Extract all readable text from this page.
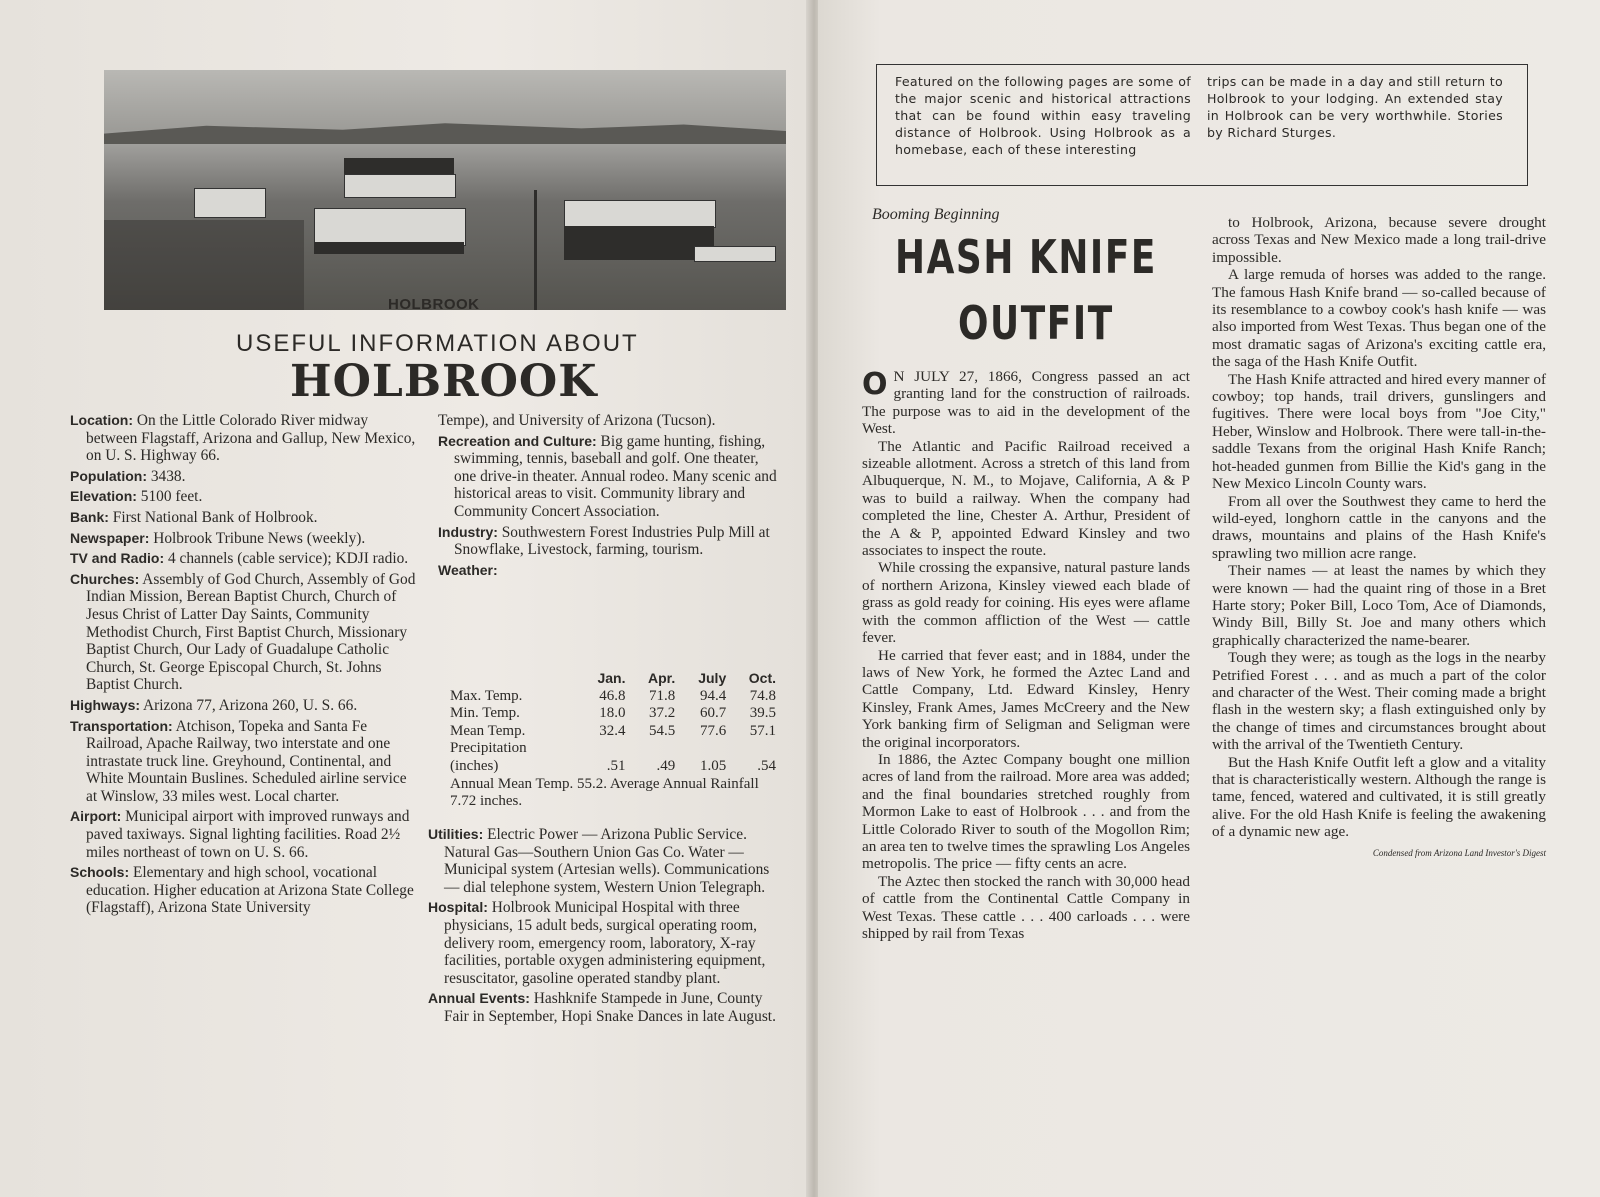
HOLBROOK
USEFUL INFORMATION ABOUT
HOLBROOK

Location: On the Little Colorado River midway between Flagstaff, Arizona and Gallup, New Mexico, on U. S. Highway 66.

Population: 3438.

Elevation: 5100 feet.

Bank: First National Bank of Holbrook.

Newspaper: Holbrook Tribune News (weekly).

TV and Radio: 4 channels (cable service); KDJI radio.

Churches: Assembly of God Church, Assembly of God Indian Mission, Berean Baptist Church, Church of Jesus Christ of Latter Day Saints, Community Methodist Church, First Baptist Church, Missionary Baptist Church, Our Lady of Guadalupe Catholic Church, St. George Episcopal Church, St. Johns Baptist Church.

Highways: Arizona 77, Arizona 260, U. S. 66.

Transportation: Atchison, Topeka and Santa Fe Railroad, Apache Railway, two interstate and one intrastate truck line. Greyhound, Continental, and White Mountain Buslines. Scheduled airline service at Winslow, 33 miles west. Local charter.

Airport: Municipal airport with improved runways and paved taxiways. Signal lighting facilities. Road 2½ miles northeast of town on U. S. 66.

Schools: Elementary and high school, vocational education. Higher education at Arizona State College (Flagstaff), Arizona State University

Tempe), and University of Arizona (Tucson).

Recreation and Culture: Big game hunting, fishing, swimming, tennis, baseball and golf. One theater, one drive-in theater. Annual rodeo. Many scenic and historical areas to visit. Community library and Community Concert Association.

Industry: Southwestern Forest Industries Pulp Mill at Snowflake, Livestock, farming, tourism.

Weather:

	Jan.	Apr.	July	Oct.
Max. Temp.	46.8	71.8	94.4	74.8
Min. Temp.	18.0	37.2	60.7	39.5
Mean Temp.	32.4	54.5	77.6	57.1
Precipitation				
(inches)	.51	.49	1.05	.54
Annual Mean Temp. 55.2. Average Annual Rainfall 7.72 inches.

Utilities: Electric Power — Arizona Public Service. Natural Gas—Southern Union Gas Co. Water — Municipal system (Artesian wells). Communications — dial telephone system, Western Union Telegraph.

Hospital: Holbrook Municipal Hospital with three physicians, 15 adult beds, surgical operating room, delivery room, emergency room, laboratory, X-ray facilities, portable oxygen administering equipment, resuscitator, gasoline operated standby plant.

Annual Events: Hashknife Stampede in June, County Fair in September, Hopi Snake Dances in late August.

Featured on the following pages are some of the major scenic and historical attractions that can be found within easy traveling distance of Holbrook. Using Holbrook as a homebase, each of these interesting
trips can be made in a day and still return to Holbrook to your lodging. An extended stay in Holbrook can be very worthwhile. Stories by Richard Sturges.
Booming Beginning
HASH KNIFE
OUTFIT

O N JULY 27, 1866, Congress passed an act granting land for the construction of railroads. The purpose was to aid in the development of the West.

The Atlantic and Pacific Railroad received a sizeable allotment. Across a stretch of this land from Albuquerque, N. M., to Mojave, California, A & P was to build a railway. When the company had completed the line, Chester A. Arthur, President of the A & P, appointed Edward Kinsley and two associates to inspect the route.

While crossing the expansive, natural pasture lands of northern Arizona, Kinsley viewed each blade of grass as gold ready for coining. His eyes were aflame with the common affliction of the West — cattle fever.

He carried that fever east; and in 1884, under the laws of New York, he formed the Aztec Land and Cattle Company, Ltd. Edward Kinsley, Henry Kinsley, Frank Ames, James McCreery and the New York banking firm of Seligman and Seligman were the original incorporators.

In 1886, the Aztec Company bought one million acres of land from the railroad. More area was added; and the final boundaries stretched roughly from Mormon Lake to east of Holbrook . . . and from the Little Colorado River to south of the Mogollon Rim; an area ten to twelve times the sprawling Los Angeles metropolis. The price — fifty cents an acre.

The Aztec then stocked the ranch with 30,000 head of cattle from the Continental Cattle Company in West Texas. These cattle . . . 400 carloads . . . were shipped by rail from Texas

to Holbrook, Arizona, because severe drought across Texas and New Mexico made a long trail-drive impossible.

A large remuda of horses was added to the range. The famous Hash Knife brand — so-called because of its resemblance to a cowboy cook's hash knife — was also imported from West Texas. Thus began one of the most dramatic sagas of Arizona's exciting cattle era, the saga of the Hash Knife Outfit.

The Hash Knife attracted and hired every manner of cowboy; top hands, trail drivers, gunslingers and fugitives. There were local boys from "Joe City," Heber, Winslow and Holbrook. There were tall-in-the-saddle Texans from the original Hash Knife Ranch; hot-headed gunmen from Billie the Kid's gang in the New Mexico Lincoln County wars.

From all over the Southwest they came to herd the wild-eyed, longhorn cattle in the canyons and the draws, mountains and plains of the Hash Knife's sprawling two million acre range.

Their names — at least the names by which they were known — had the quaint ring of those in a Bret Harte story; Poker Bill, Loco Tom, Ace of Diamonds, Windy Bill, Billy St. Joe and many others which graphically characterized the name-bearer.

Tough they were; as tough as the logs in the nearby Petrified Forest . . . and as much a part of the color and character of the West. Their coming made a bright flash in the western sky; a flash extinguished only by the change of times and circumstances brought about with the arrival of the Twentieth Century.

But the Hash Knife Outfit left a glow and a vitality that is characteristically western. Although the range is tame, fenced, watered and cultivated, it is still greatly alive. For the old Hash Knife is feeling the awakening of a dynamic new age.

Condensed from Arizona Land Investor's Digest
